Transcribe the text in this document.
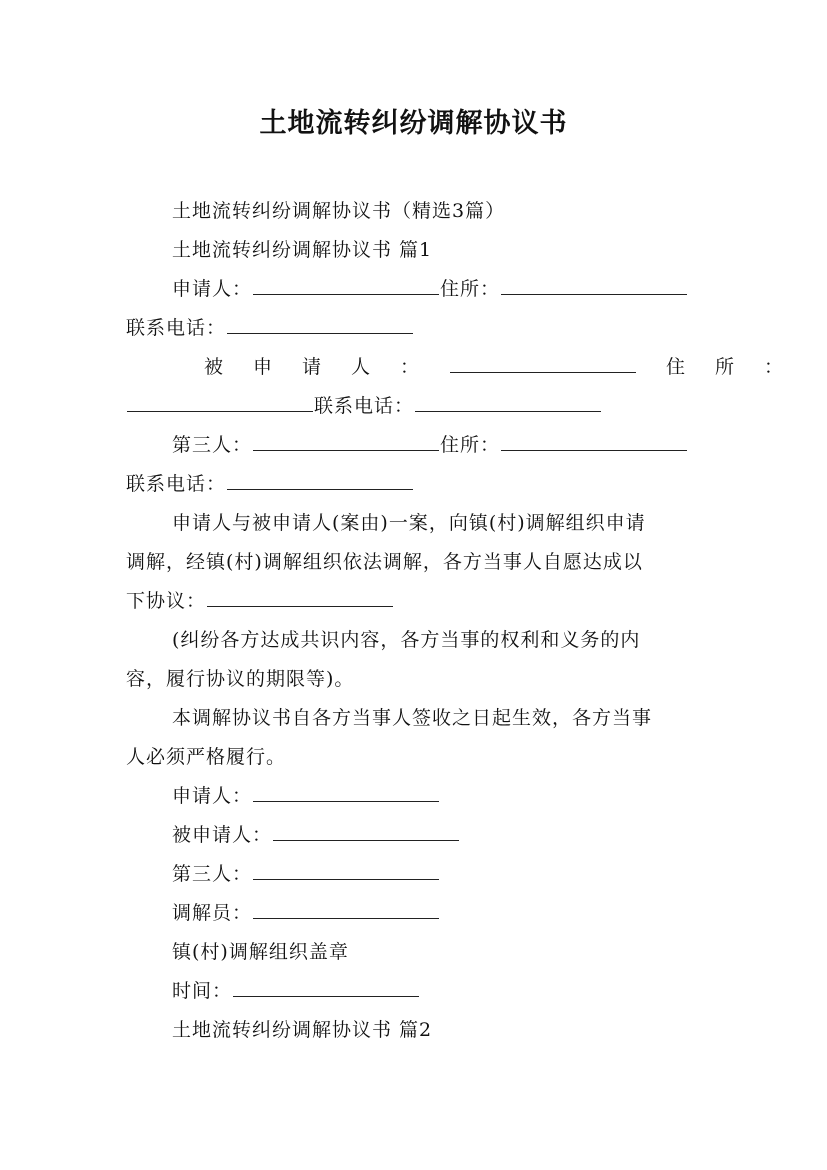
土地流转纠纷调解协议书
土地流转纠纷调解协议书（精选3篇）
土地流转纠纷调解协议书 篇1
申请人：	住所：
联系电话：
被 申 请 人 ：	住 所 ：
联系电话：
第三人：	住所：
联系电话：
申请人与被申请人(案由)一案，向镇(村)调解组织申请
调解，经镇(村)调解组织依法调解，各方当事人自愿达成以
下协议：
(纠纷各方达成共识内容，各方当事的权利和义务的内
容，履行协议的期限等)。
本调解协议书自各方当事人签收之日起生效，各方当事
人必须严格履行。
申请人：
被申请人：
第三人：
调解员：
镇(村)调解组织盖章
时间：
土地流转纠纷调解协议书 篇2
